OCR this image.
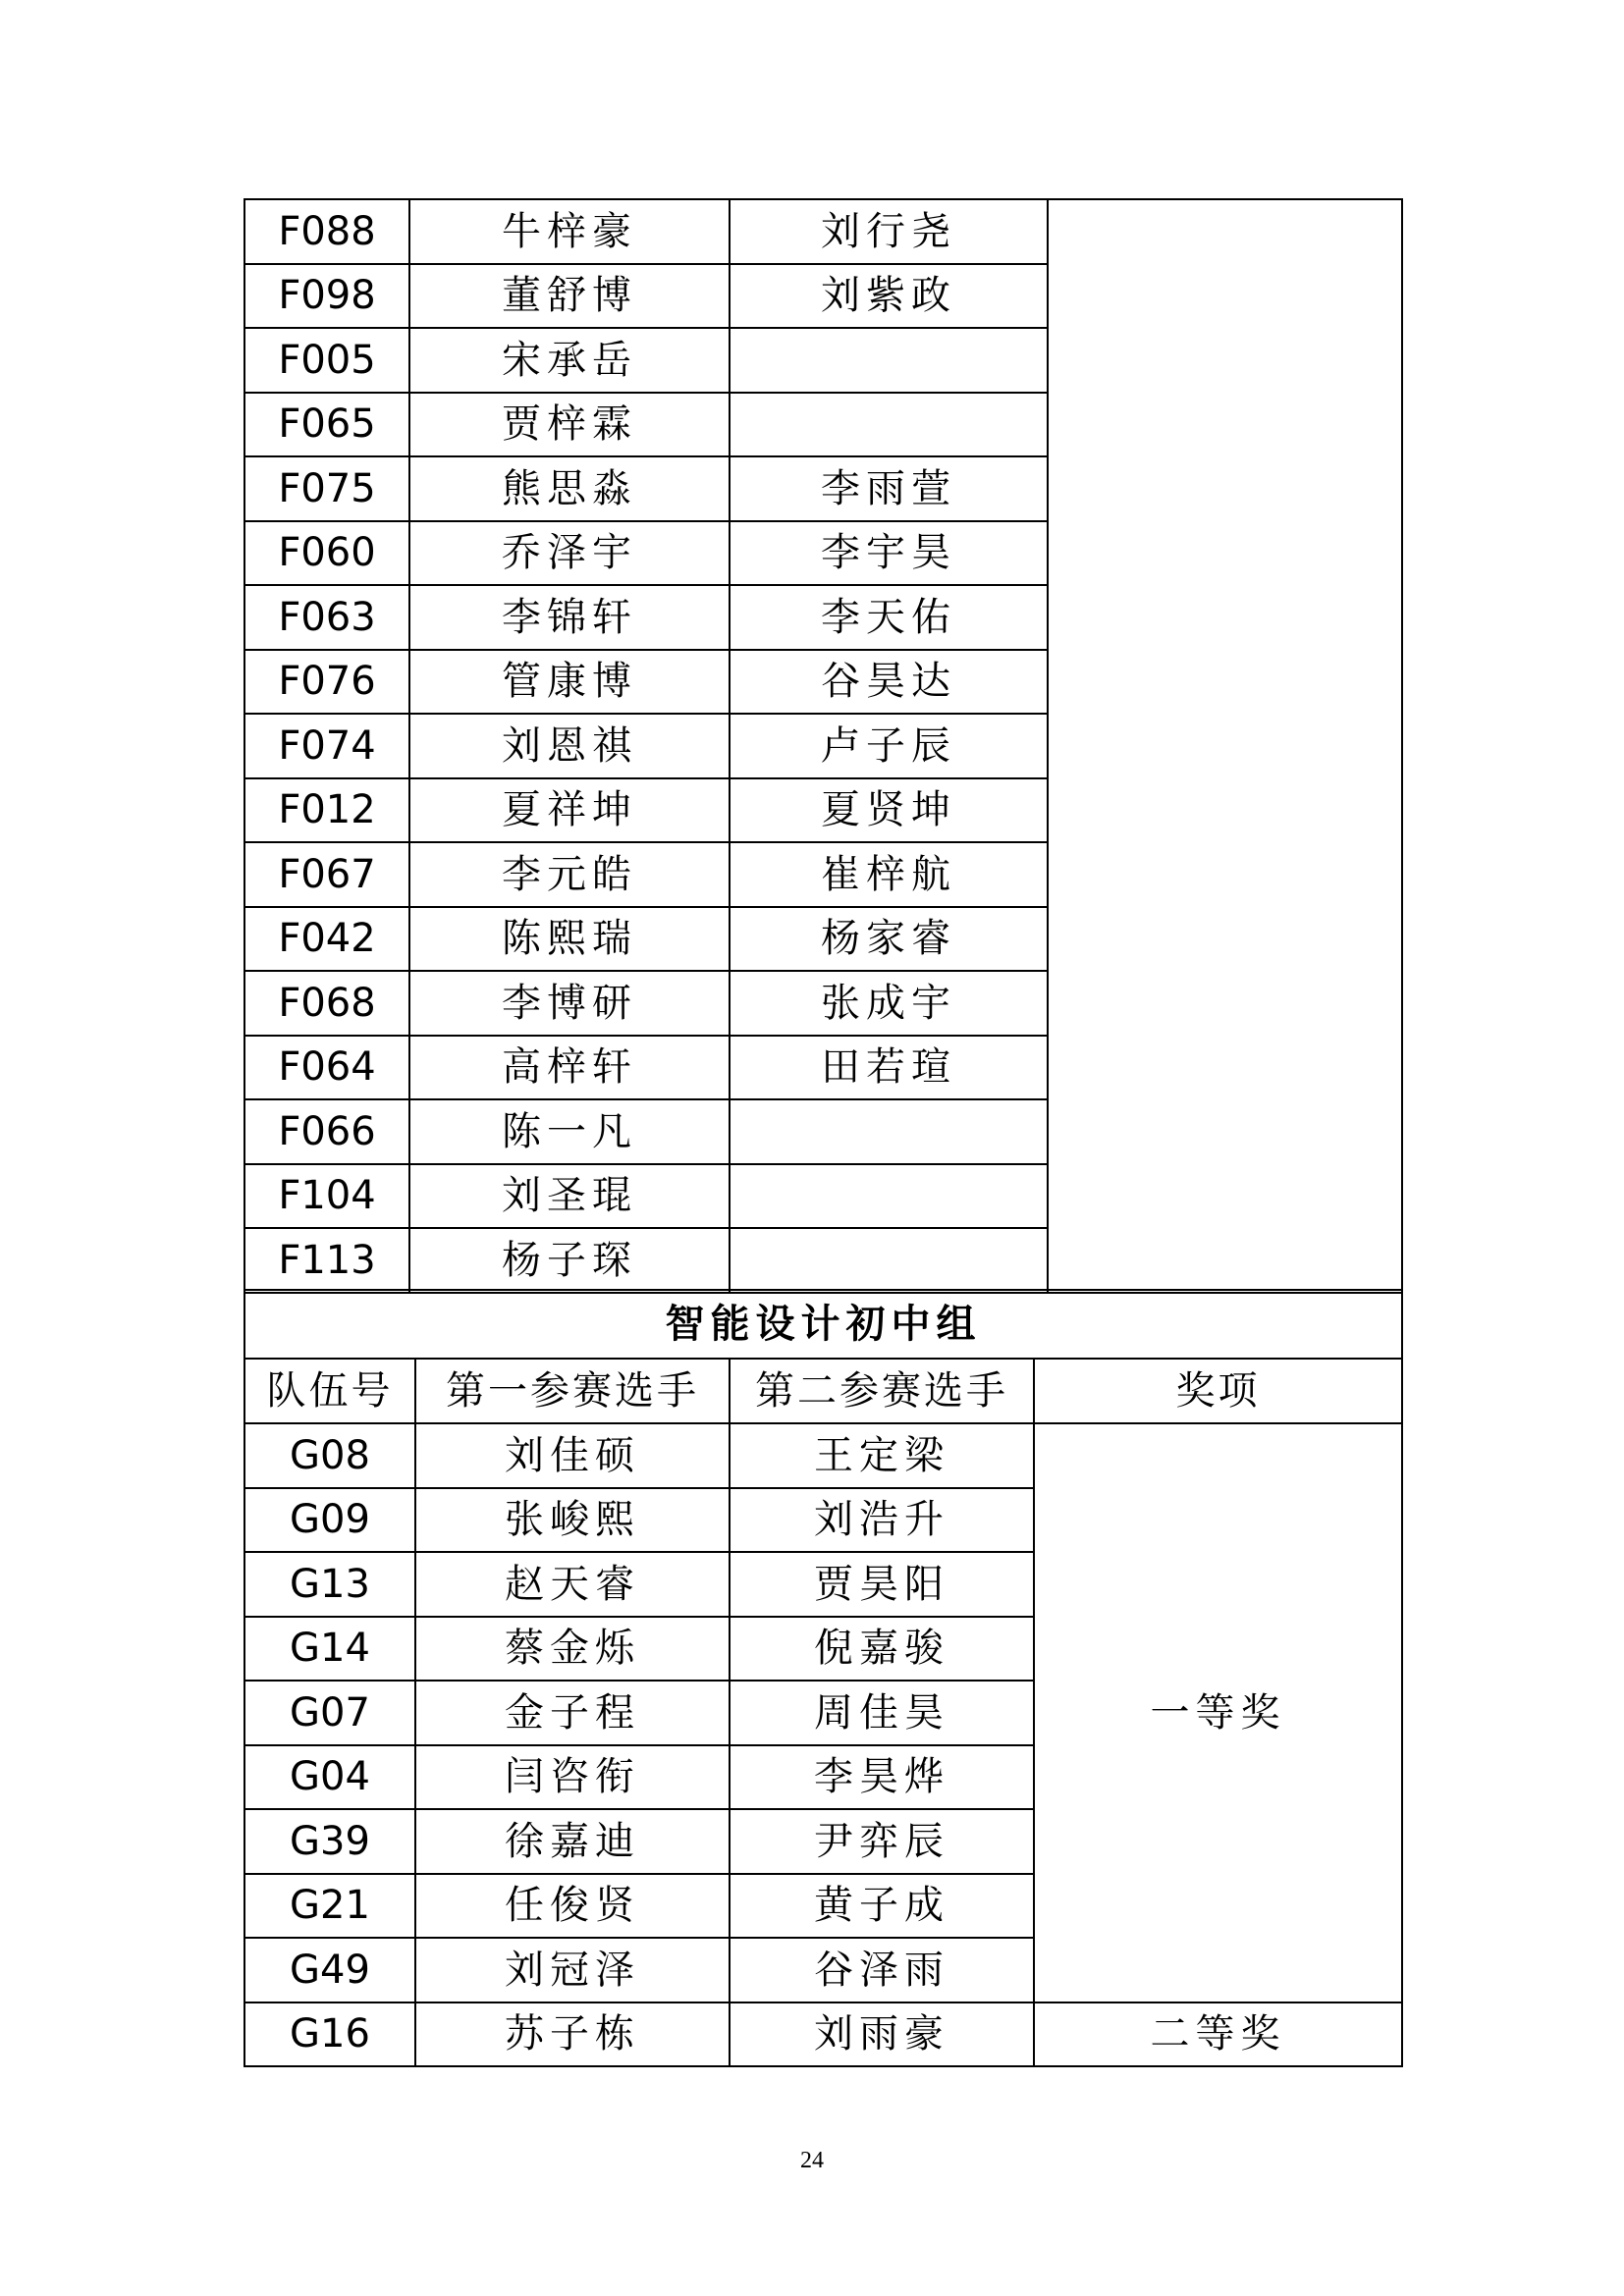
F088	牛梓豪	刘行尧	
F098	董舒博	刘紫政	
F005	宋承岳		
F065	贾梓霖		
F075	熊思淼	李雨萱	
F060	乔泽宇	李宇昊	
F063	李锦轩	李天佑	
F076	管康博	谷昊达	
F074	刘恩祺	卢子辰	
F012	夏祥坤	夏贤坤	
F067	李元皓	崔梓航	
F042	陈熙瑞	杨家睿	
F068	李博研	张成宇	
F064	高梓轩	田若瑄	
F066	陈一凡		
F104	刘圣琨		
F113	杨子琛		
智能设计初中组			
队伍号	第一参赛选手	第二参赛选手	奖项
G08	刘佳硕	王定梁	一等奖
G09	张峻熙	刘浩升	
G13	赵天睿	贾昊阳	
G14	蔡金烁	倪嘉骏	
G07	金子程	周佳昊	
G04	闫咨衔	李昊烨	
G39	徐嘉迪	尹弈辰	
G21	任俊贤	黄子成	
G49	刘冠泽	谷泽雨	
G16	苏子栋	刘雨豪	二等奖
24
